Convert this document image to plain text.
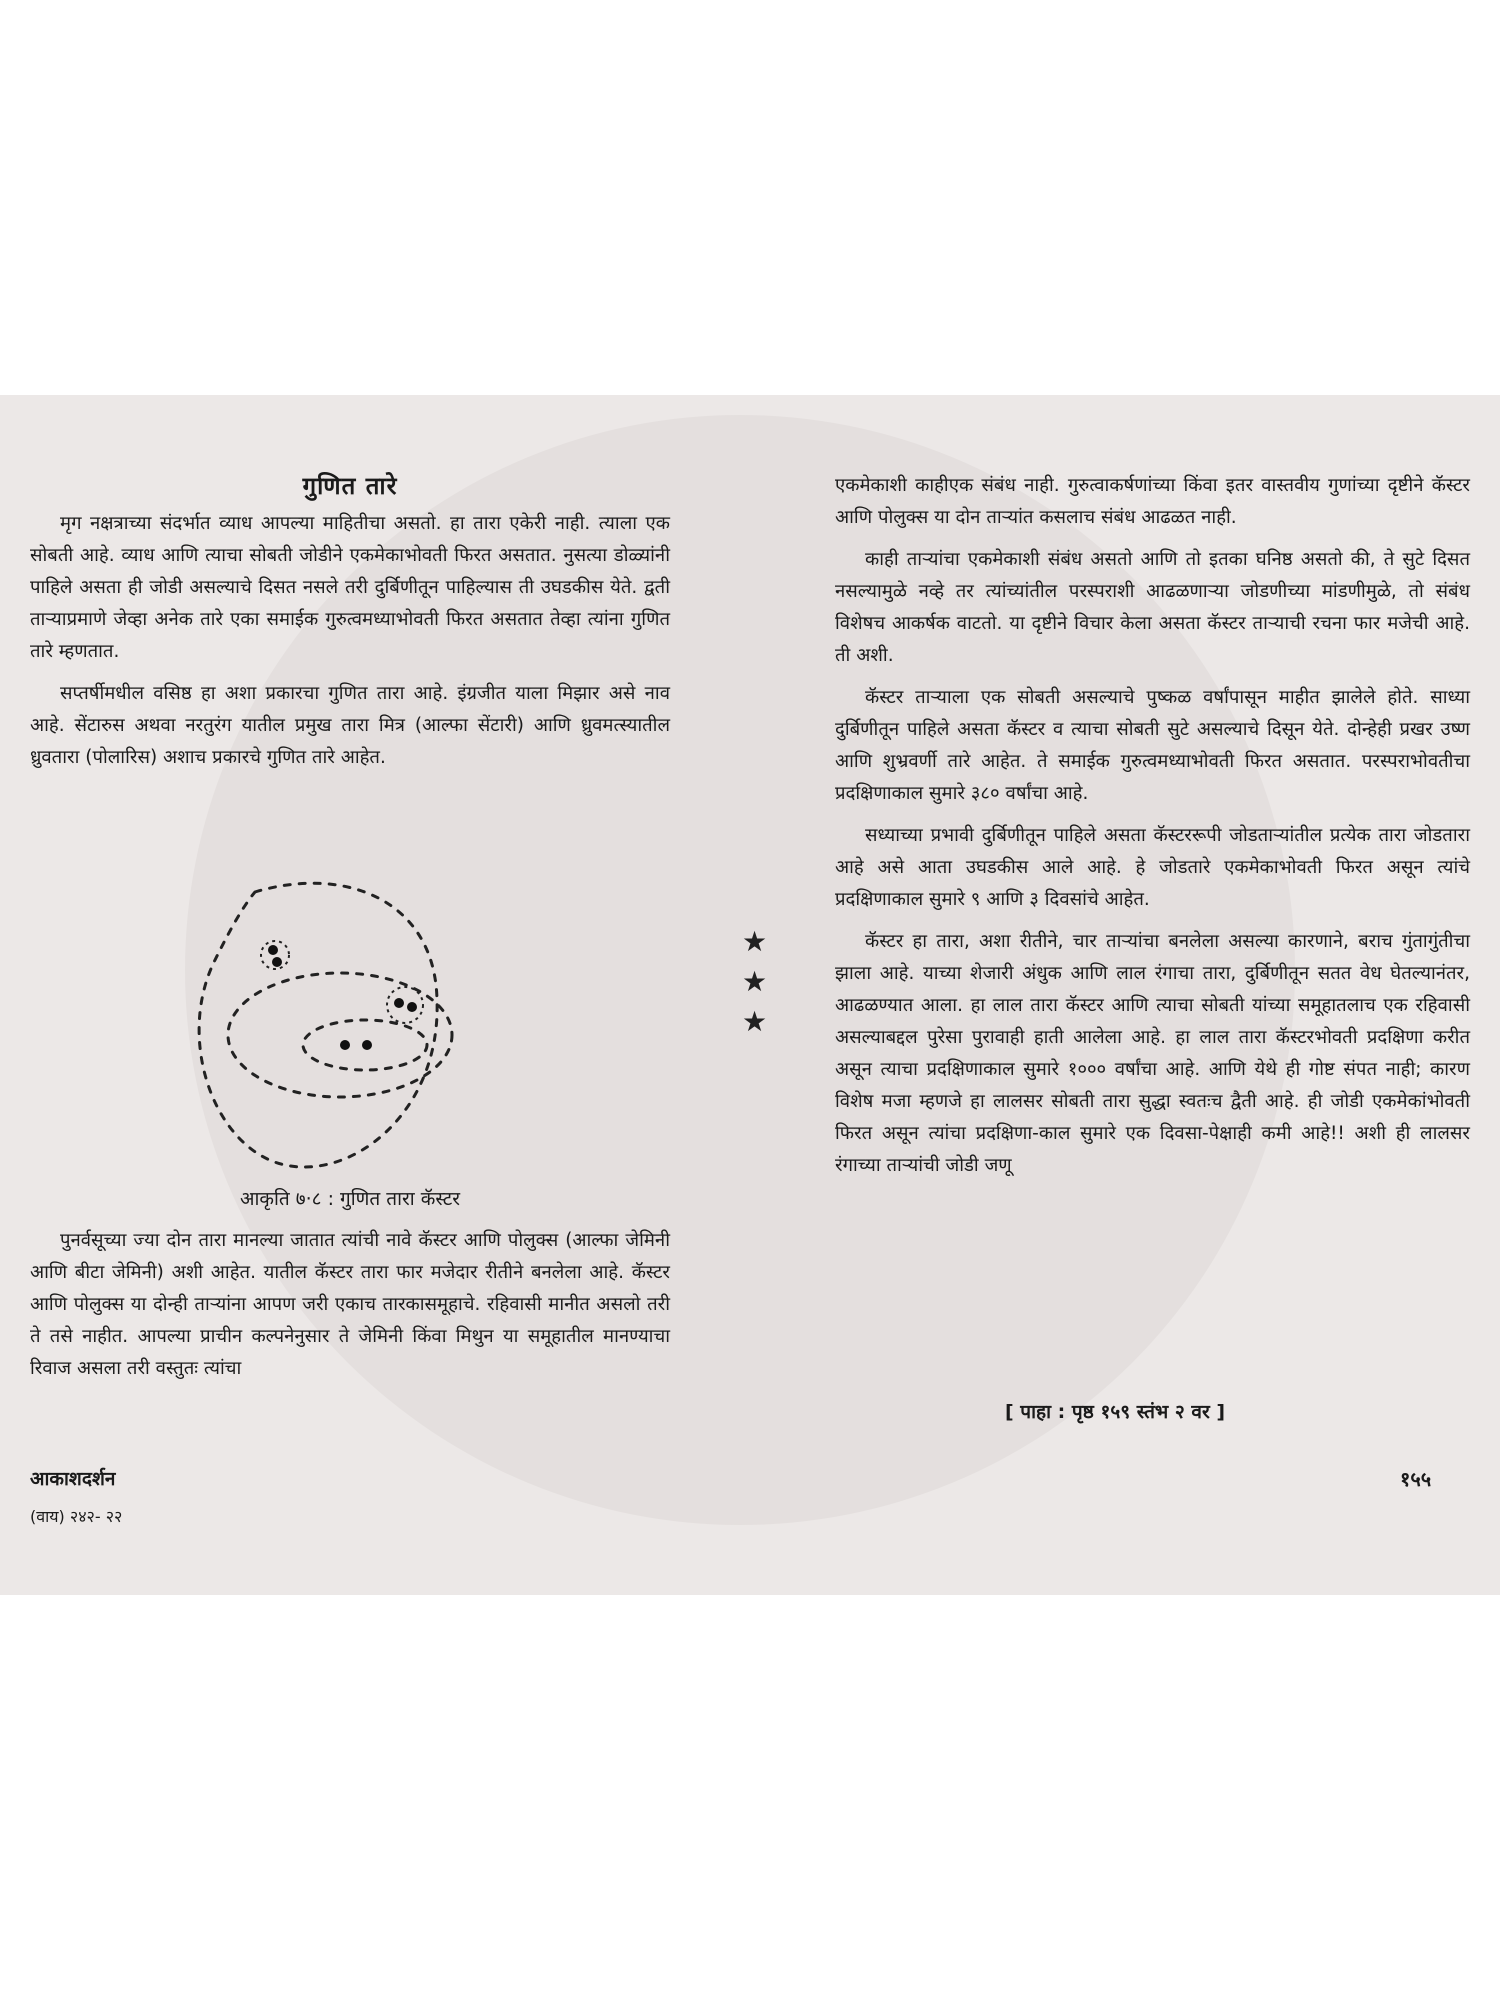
गुणित तारे

मृग नक्षत्राच्या संदर्भात व्याध आपल्या माहितीचा असतो. हा तारा एकेरी नाही. त्याला एक सोबती आहे. व्याध आणि त्याचा सोबती जोडीने एकमेकाभोवती फिरत असतात. नुसत्या डोळ्यांनी पाहिले असता ही जोडी असल्याचे दिसत नसले तरी दुर्बिणीतून पाहिल्यास ती उघडकीस येते. द्वती ताऱ्याप्रमाणे जेव्हा अनेक तारे एका समाईक गुरुत्वमध्याभोवती फिरत असतात तेव्हा त्यांना गुणित तारे म्हणतात.

सप्तर्षीमधील वसिष्ठ हा अशा प्रकारचा गुणित तारा आहे. इंग्रजीत याला मिझार असे नाव आहे. सेंटारुस अथवा नरतुरंग यातील प्रमुख तारा मित्र (आल्फा सेंटारी) आणि ध्रुवमत्स्यातील ध्रुवतारा (पोलारिस) अशाच प्रकारचे गुणित तारे आहेत.

आकृति ७·८ : गुणित तारा कॅस्टर

पुनर्वसूच्या ज्या दोन तारा मानल्या जातात त्यांची नावे कॅस्टर आणि पोलुक्स (आल्फा जेमिनी आणि बीटा जेमिनी) अशी आहेत. यातील कॅस्टर तारा फार मजेदार रीतीने बनलेला आहे. कॅस्टर आणि पोलुक्स या दोन्ही ताऱ्यांना आपण जरी एकाच तारकासमूहाचे. रहिवासी मानीत असलो तरी ते तसे नाहीत. आपल्या प्राचीन कल्पनेनुसार ते जेमिनी किंवा मिथुन या समूहातील मानण्याचा रिवाज असला तरी वस्तुतः त्यांचा

★
★
★

एकमेकाशी काहीएक संबंध नाही. गुरुत्वाकर्षणांच्या किंवा इतर वास्तवीय गुणांच्या दृष्टीने कॅस्टर आणि पोलुक्स या दोन ताऱ्यांत कसलाच संबंध आढळत नाही.

काही ताऱ्यांचा एकमेकाशी संबंध असतो आणि तो इतका घनिष्ठ असतो की, ते सुटे दिसत नसल्यामुळे नव्हे तर त्यांच्यांतील परस्पराशी आढळणाऱ्या जोडणीच्या मांडणीमुळे, तो संबंध विशेषच आकर्षक वाटतो. या दृष्टीने विचार केला असता कॅस्टर ताऱ्याची रचना फार मजेची आहे. ती अशी.

कॅस्टर ताऱ्याला एक सोबती असल्याचे पुष्कळ वर्षांपासून माहीत झालेले होते. साध्या दुर्बिणीतून पाहिले असता कॅस्टर व त्याचा सोबती सुटे असल्याचे दिसून येते. दोन्हेही प्रखर उष्ण आणि शुभ्रवर्णी तारे आहेत. ते समाईक गुरुत्वमध्याभोवती फिरत असतात. परस्पराभोवतीचा प्रदक्षिणाकाल सुमारे ३८० वर्षांचा आहे.

सध्याच्या प्रभावी दुर्बिणीतून पाहिले असता कॅस्टररूपी जोडताऱ्यांतील प्रत्येक तारा जोडतारा आहे असे आता उघडकीस आले आहे. हे जोडतारे एकमेकाभोवती फिरत असून त्यांचे प्रदक्षिणाकाल सुमारे ९ आणि ३ दिवसांचे आहेत.

कॅस्टर हा तारा, अशा रीतीने, चार ताऱ्यांचा बनलेला असल्या कारणाने, बराच गुंतागुंतीचा झाला आहे. याच्या शेजारी अंधुक आणि लाल रंगाचा तारा, दुर्बिणीतून सतत वेध घेतल्यानंतर, आढळण्यात आला. हा लाल तारा कॅस्टर आणि त्याचा सोबती यांच्या समूहातलाच एक रहिवासी असल्याबद्दल पुरेसा पुरावाही हाती आलेला आहे. हा लाल तारा कॅस्टरभोवती प्रदक्षिणा करीत असून त्याचा प्रदक्षिणाकाल सुमारे १००० वर्षांचा आहे. आणि येथे ही गोष्ट संपत नाही; कारण विशेष मजा म्हणजे हा लालसर सोबती तारा सुद्धा स्वतःच द्वैती आहे. ही जोडी एकमेकांभोवती फिरत असून त्यांचा प्रदक्षिणा-काल सुमारे एक दिवसा-पेक्षाही कमी आहे!! अशी ही लालसर रंगाच्या ताऱ्यांची जोडी जणू

[ पाहा : पृष्ठ १५९ स्तंभ २ वर ]
आकाशदर्शन
(वाय) २४२- २२
१५५
